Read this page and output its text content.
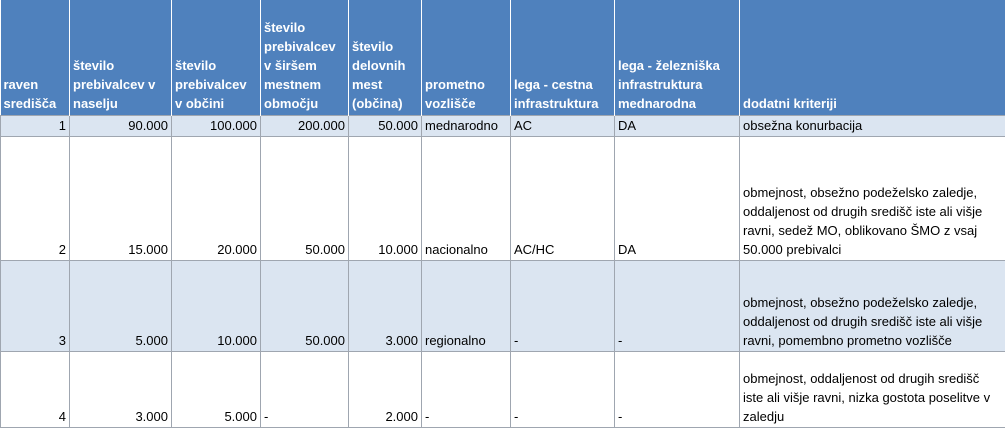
raven središča	število prebivalcev v naselju	število prebivalcev v občini	število prebivalcev v širšem mestnem območju	število delovnih mest (občina)	prometno vozlišče	lega - cestna infrastruktura	lega - železniška infrastruktura mednarodna	dodatni kriteriji
1	90.000	100.000	200.000	50.000	mednarodno	AC	DA	obsežna konurbacija
2	15.000	20.000	50.000	10.000	nacionalno	AC/HC	DA	obmejnost, obsežno podeželsko zaledje, oddaljenost od drugih središč iste ali višje ravni, sedež MO, oblikovano ŠMO z vsaj 50.000 prebivalci
3	5.000	10.000	50.000	3.000	regionalno	-	-	obmejnost, obsežno podeželsko zaledje, oddaljenost od drugih središč iste ali višje ravni, pomembno prometno vozlišče
4	3.000	5.000	-	2.000	-	-	-	obmejnost, oddaljenost od drugih središč iste ali višje ravni, nizka gostota poselitve v zaledju
